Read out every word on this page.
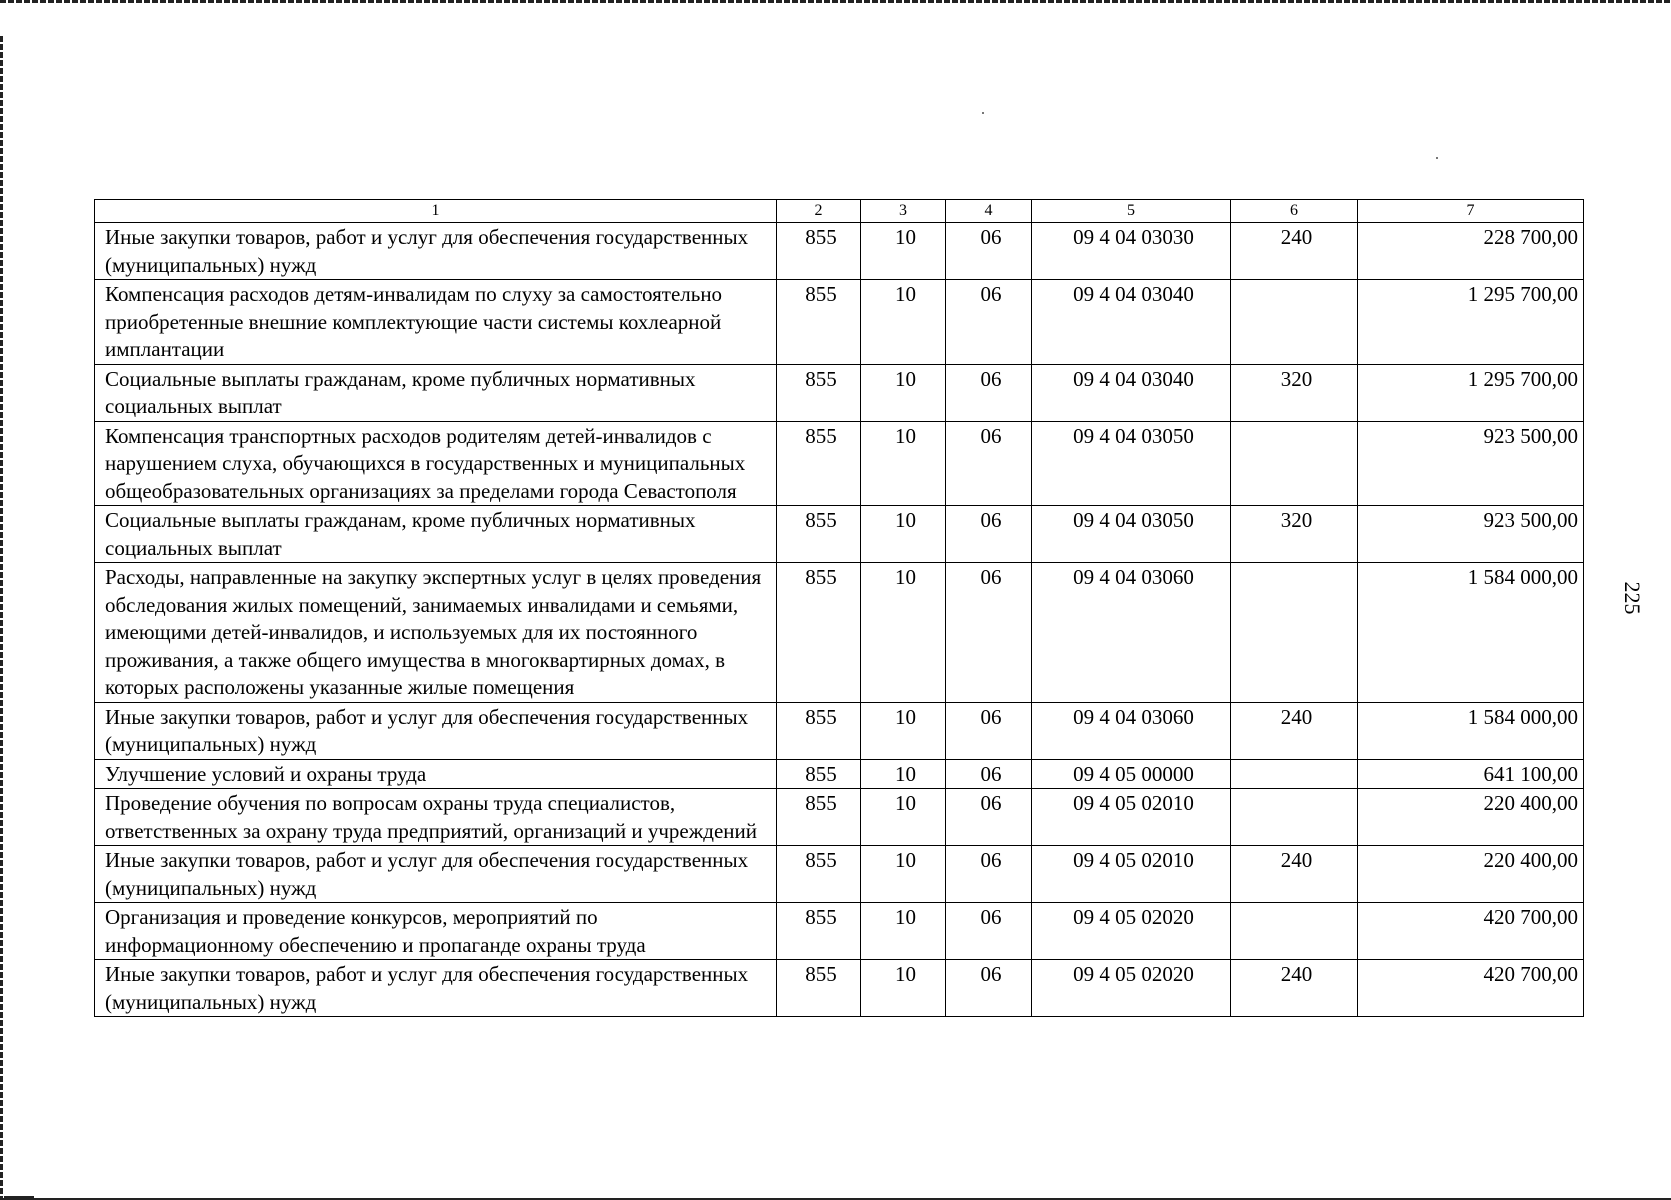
225
1	2	3	4	5	6	7
Иные закупки товаров, работ и услуг для обеспечения государственных (муниципальных) нужд	855	10	06	09 4 04 03030	240	228 700,00
Компенсация расходов детям-инвалидам по слуху за самостоятельно приобретенные внешние комплектующие части системы кохлеарной имплантации	855	10	06	09 4 04 03040		1 295 700,00
Социальные выплаты гражданам, кроме публичных нормативных социальных выплат	855	10	06	09 4 04 03040	320	1 295 700,00
Компенсация транспортных расходов родителям детей-инвалидов с нарушением слуха, обучающихся в государственных и муниципальных общеобразовательных организациях за пределами города Севастополя	855	10	06	09 4 04 03050		923 500,00
Социальные выплаты гражданам, кроме публичных нормативных социальных выплат	855	10	06	09 4 04 03050	320	923 500,00
Расходы, направленные на закупку экспертных услуг в целях проведения обследования жилых помещений, занимаемых инвалидами и семьями, имеющими детей-инвалидов, и используемых для их постоянного проживания, а также общего имущества в многоквартирных домах, в которых расположены указанные жилые помещения	855	10	06	09 4 04 03060		1 584 000,00
Иные закупки товаров, работ и услуг для обеспечения государственных (муниципальных) нужд	855	10	06	09 4 04 03060	240	1 584 000,00
Улучшение условий и охраны труда	855	10	06	09 4 05 00000		641 100,00
Проведение обучения по вопросам охраны труда специалистов, ответственных за охрану труда предприятий, организаций и учреждений	855	10	06	09 4 05 02010		220 400,00
Иные закупки товаров, работ и услуг для обеспечения государственных (муниципальных) нужд	855	10	06	09 4 05 02010	240	220 400,00
Организация и проведение конкурсов, мероприятий по информационному обеспечению и пропаганде охраны труда	855	10	06	09 4 05 02020		420 700,00
Иные закупки товаров, работ и услуг для обеспечения государственных (муниципальных) нужд	855	10	06	09 4 05 02020	240	420 700,00
